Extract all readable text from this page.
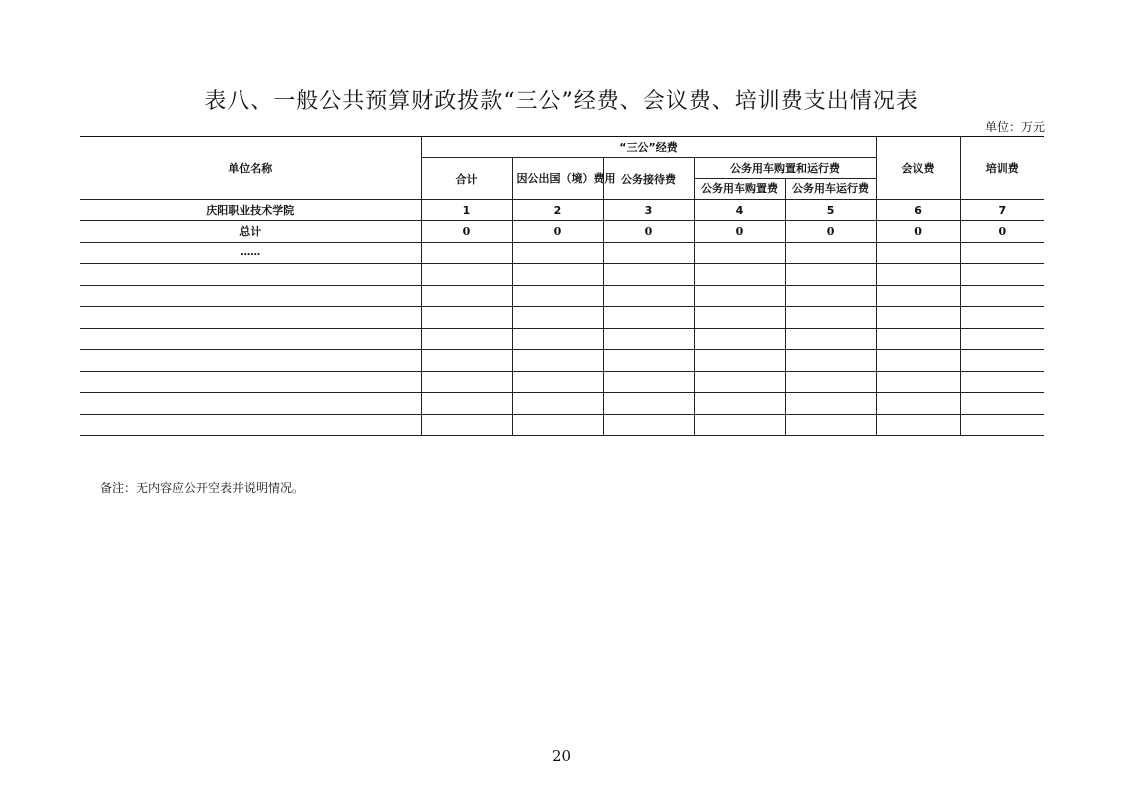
表八、一般公共预算财政拨款“三公”经费、会议费、培训费支出情况表
单位：万元
单位名称	“三公”经费					会议费	培训费
	合计	因公出国（境）费用	公务接待费	公务用车购置和运行费			
				公务用车购置费	公务用车运行费		

庆阳职业技术学院	1	2	3	4	5	6	7
总计	0	0	0	0	0	0	0
……							

备注：无内容应公开空表并说明情况。
20
